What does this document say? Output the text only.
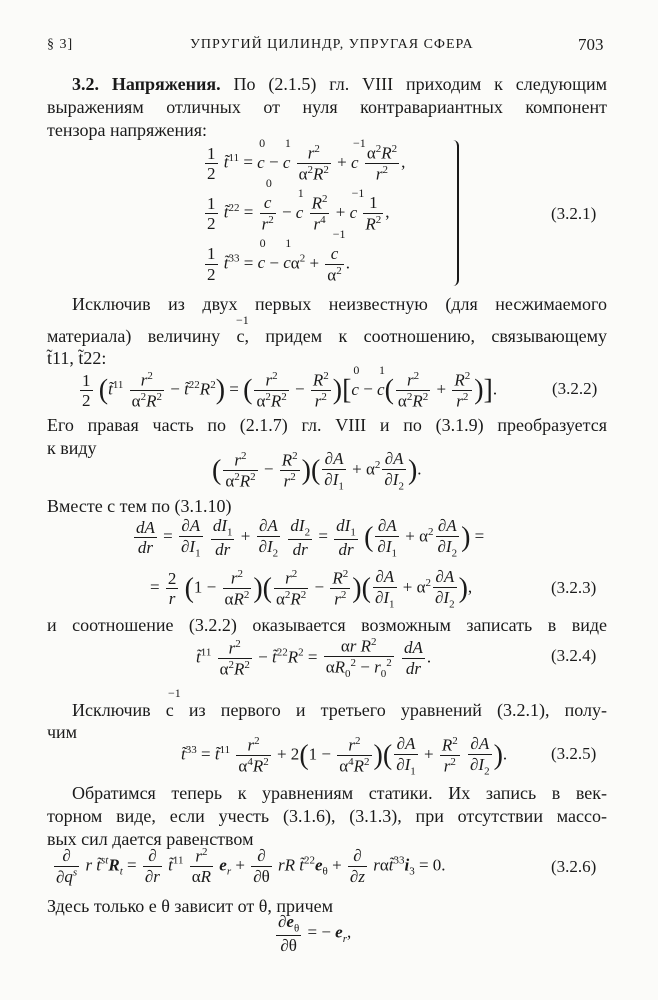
§ 3]	УПРУГИЙ ЦИЛИНДР, УПРУГАЯ СФЕРА	703
3.2. Напряжения. По (2.1.5) гл. VIII приходим к следующим
выражениям отличных от нуля контравариантных компонент
тензора напряжения:
$\frac{1}{2}$ t̃$^{11}$ =
0
c −
1
c $\frac{r^2}{\alpha^2R^2}$ +
−1
c $\frac{\alpha^2R^2}{r^2}$ ,
$\frac{1}{2}$ t̃$^{22}$ = 0
c
$r^2$ −
1
c $\frac{R^2}{r^4}$ +
−1
c $\frac{1}{R^2}$ ,
$\frac{1}{2}$ t̃$^{33}$ =
0
c −
1
$c\alpha^2 + -1$
c
$\alpha^2$ .
(3.2.1)
Исключив из двух первых неизвестную (для несжимаемого
−1
материала) величину c, придем к соотношению, связывающему
t̃11, t̃22:
$\frac{1}{2}$ (t̃$^{11}$ $\frac{r^2}{\alpha^2R^2}$ − $t̃^{22}R^2$) = ( $\frac{r^2}{\alpha^2R^2} - \frac{R^2}{r^2}$ )[
0
c −
1
$c( \frac{r^2}{\alpha^2R^2} + \frac{R^2}{r^2}$ )].	(3.2.2)
Его правая часть по (2.1.7) гл. VIII и по (3.1.9) преобразуется
к виду
( $\frac{r^2}{\alpha^2R^2} - \frac{R^2}{r^2}$ )( $\frac{\partial A}{\partial I_1} + \alpha^2 \frac{\partial A}{\partial I_2}$ ).
Вместе с тем по (3.1.10)
$\frac{dA}{dr} = \frac{\partial A}{\partial I_1}$
$\frac{dI_1}{dr} + \frac{\partial A}{\partial I_2}$
$\frac{dI_2}{dr} = \frac{dI_1}{dr}$ ( $\frac{\partial A}{\partial I_1} + \alpha^2 \frac{\partial A}{\partial I_2}$ ) =
= $\frac{2}{r} (1 - \frac{r^2}{\alpha R^2}$ )( $\frac{r^2}{\alpha^2R^2} - \frac{R^2}{r^2}$ )( $\frac{\partial A}{\partial I_1} + \alpha^2 \frac{\partial A}{\partial I_2}$ ),	(3.2.3)
и соотношение (3.2.2) оказывается возможным записать в виде
t̃$^{11}$ $\frac{r^2}{\alpha^2R^2}$ − $t̃^{22}R^2 = \frac{\alpha r R^2}{\alpha R_0^2 - r_0^2}$
$\frac{dA}{dr}$ .	(3.2.4)
−1
Исключив c из первого и третьего уравнений (3.2.1), полу-
чим
t̃$^{33}$ = t̃$^{11}$ $\frac{r^2}{\alpha^4R^2} + 2(1 - \frac{r^2}{\alpha^4R^2}$ )( $\frac{\partial A}{\partial I_1} + \frac{R^2}{r^2}$
$\frac{\partial A}{\partial I_2}$ ).	(3.2.5)
Обратимся теперь к уравнениям статики. Их запись в век-
торном виде, если учесть (3.1.6), (3.1.3), при отсутствии массо-
вых сил дается равенством
$\frac{\partial}{\partial q^s}$ r $t̃^{st}R_t = \frac{\partial}{\partial r}$ t̃$^{11}$ $\frac{r^2}{\alpha R} e_r + \frac{\partial}{\partial\theta}$ rR $t̃^{22}e_\theta + \frac{\partial}{\partial z}$ $r\alpha t̃^{33}i_3 = 0$.	(3.2.6)
Здесь только e θ зависит от θ, причем
$\frac{\partial e_\theta}{\partial\theta}$ = − $e_r$,
